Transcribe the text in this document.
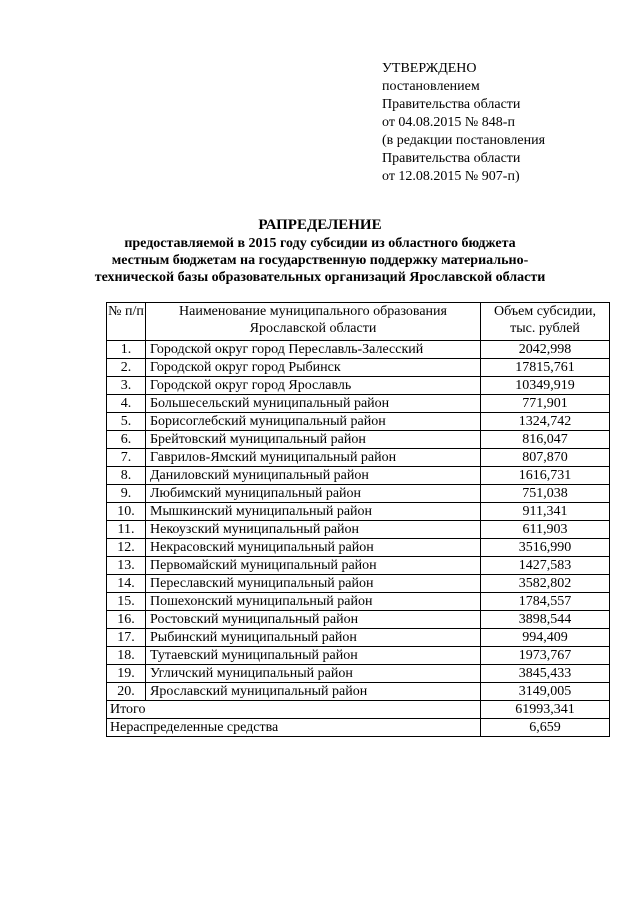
УТВЕРЖДЕНО
постановлением
Правительства области
от 04.08.2015 № 848-п
(в редакции постановления
Правительства области
от 12.08.2015 № 907-п)
РАПРЕДЕЛЕНИЕ
предоставляемой в 2015 году субсидии из областного бюджета
местным бюджетам на государственную поддержку материально-
технической базы образовательных организаций Ярославской области
№ п/п	Наименование муниципального образования Ярославской области	Объем субсидии, тыс. рублей
1.	Городской округ город Переславль-Залесский	2042,998
2.	Городской округ город Рыбинск	17815,761
3.	Городской округ город Ярославль	10349,919
4.	Большесельский муниципальный район	771,901
5.	Борисоглебский муниципальный район	1324,742
6.	Брейтовский муниципальный район	816,047
7.	Гаврилов-Ямский муниципальный район	807,870
8.	Даниловский муниципальный район	1616,731
9.	Любимский муниципальный район	751,038
10.	Мышкинский муниципальный район	911,341
11.	Некоузский муниципальный район	611,903
12.	Некрасовский муниципальный район	3516,990
13.	Первомайский муниципальный район	1427,583
14.	Переславский муниципальный район	3582,802
15.	Пошехонский муниципальный район	1784,557
16.	Ростовский муниципальный район	3898,544
17.	Рыбинский муниципальный район	994,409
18.	Тутаевский муниципальный район	1973,767
19.	Угличский муниципальный район	3845,433
20.	Ярославский муниципальный район	3149,005
Итого		61993,341
Нераспределенные средства		6,659
